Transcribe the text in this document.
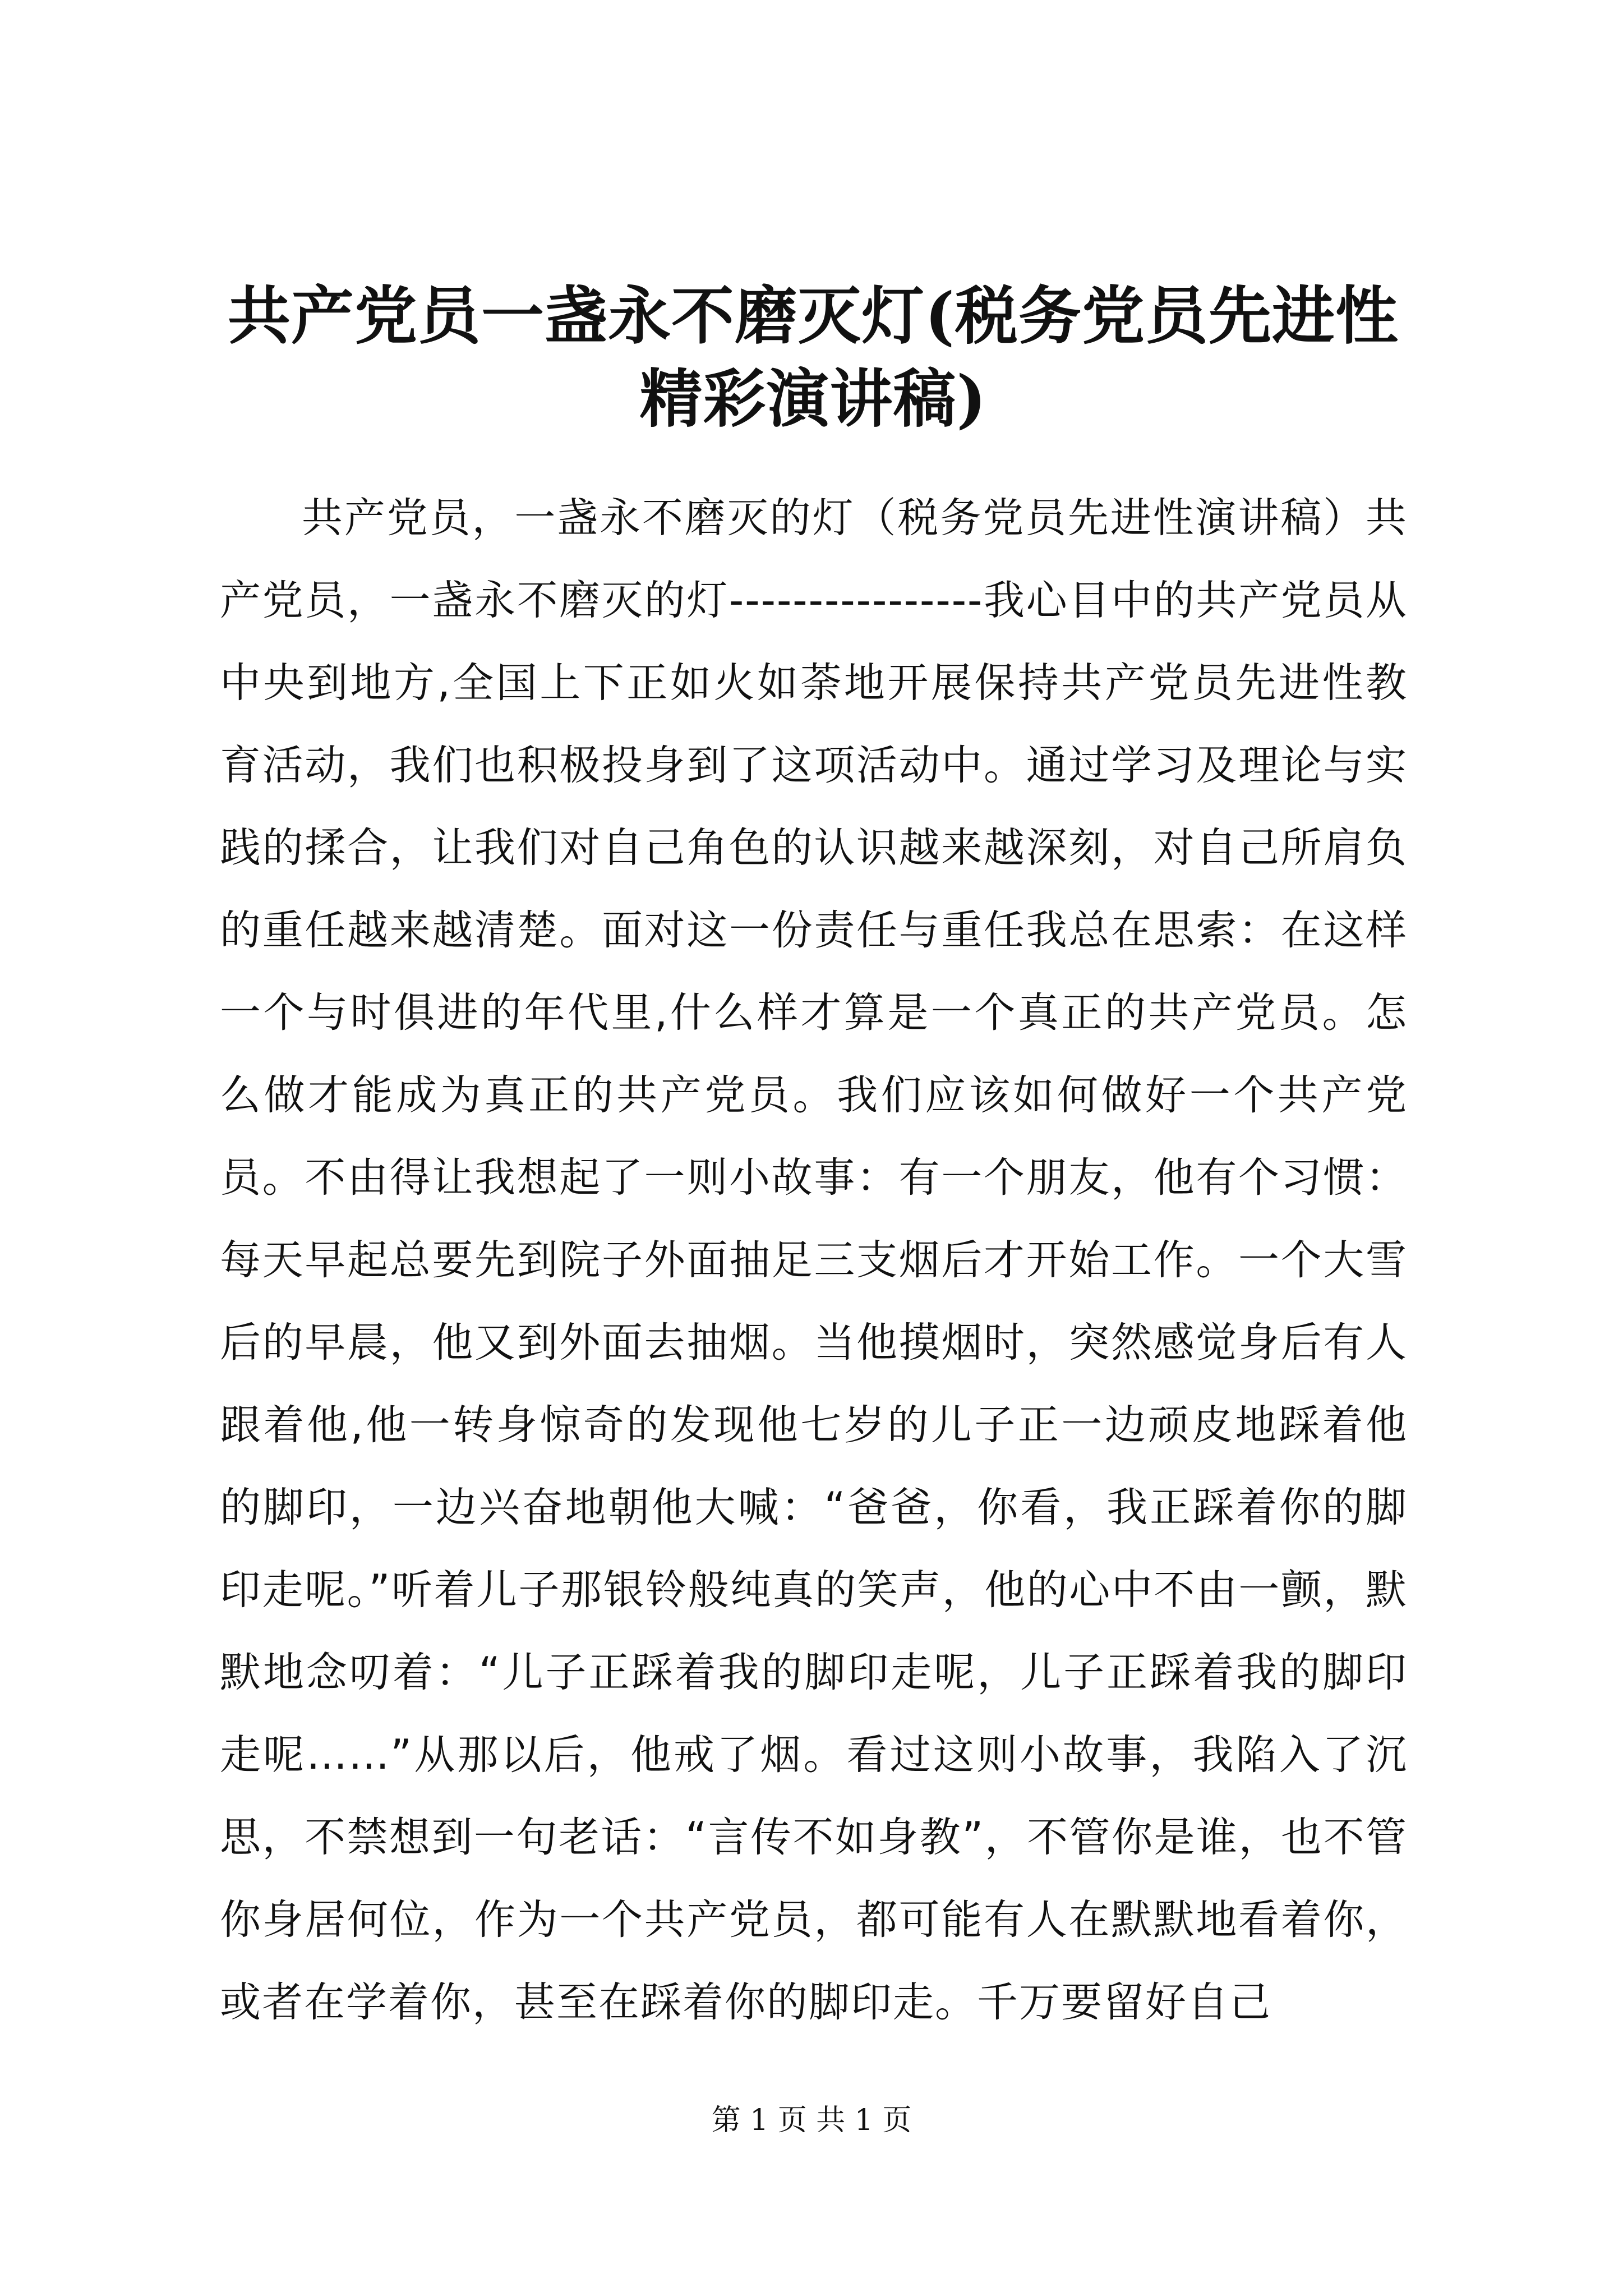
共产党员一盏永不磨灭灯(税务党员先进性精彩演讲稿)

共产党员，一盏永不磨灭的灯（税务党员先进性演讲稿）共产党员，一盏永不磨灭的灯----------------我心目中的共产党员从中央到地方,全国上下正如火如荼地开展保持共产党员先进性教育活动，我们也积极投身到了这项活动中。通过学习及理论与实践的揉合，让我们对自己角色的认识越来越深刻，对自己所肩负的重任越来越清楚。面对这一份责任与重任我总在思索：在这样一个与时俱进的年代里,什么样才算是一个真正的共产党员。怎么做才能成为真正的共产党员。我们应该如何做好一个共产党员。不由得让我想起了一则小故事：有一个朋友，他有个习惯：每天早起总要先到院子外面抽足三支烟后才开始工作。一个大雪后的早晨，他又到外面去抽烟。当他摸烟时，突然感觉身后有人跟着他,他一转身惊奇的发现他七岁的儿子正一边顽皮地踩着他的脚印，一边兴奋地朝他大喊：“爸爸，你看，我正踩着你的脚印走呢。”听着儿子那银铃般纯真的笑声，他的心中不由一颤，默默地念叨着：“儿子正踩着我的脚印走呢，儿子正踩着我的脚印走呢……”从那以后，他戒了烟。看过这则小故事，我陷入了沉思，不禁想到一句老话：“言传不如身教”，不管你是谁，也不管你身居何位，作为一个共产党员，都可能有人在默默地看着你，或者在学着你，甚至在踩着你的脚印走。千万要留好自己

第 1 页 共 1 页
